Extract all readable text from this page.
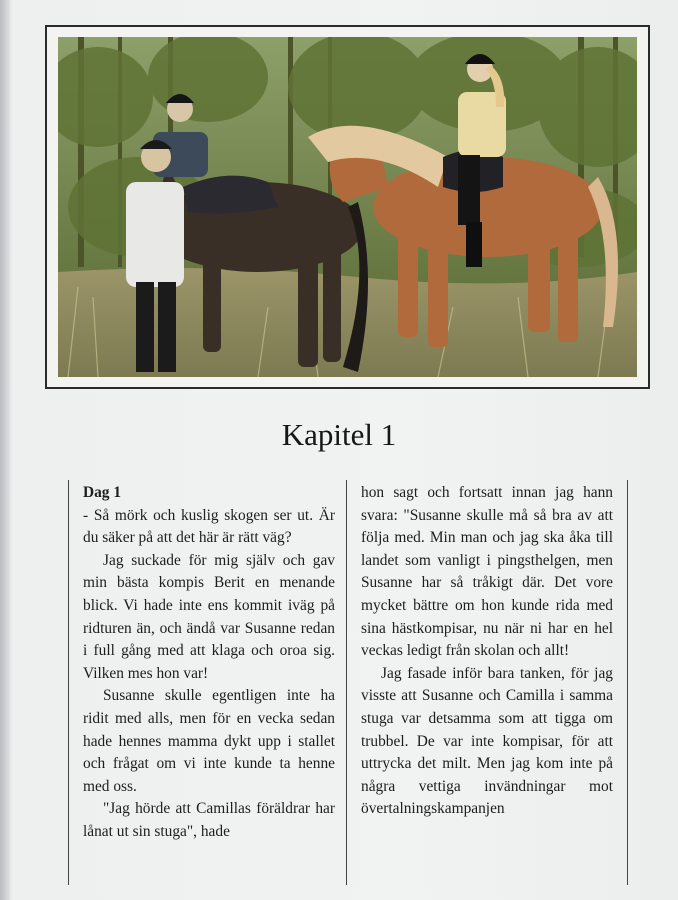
Kapitel 1
Dag 1

- Så mörk och kuslig skogen ser ut. Är du säker på att det här är rätt väg?

Jag suckade för mig själv och gav min bästa kompis Berit en menande blick. Vi hade inte ens kommit iväg på ridturen än, och ändå var Susanne redan i full gång med att klaga och oroa sig. Vilken mes hon var!

Susanne skulle egentligen inte ha ridit med alls, men för en vecka sedan hade hennes mamma dykt upp i stallet och frågat om vi inte kunde ta henne med oss.

"Jag hörde att Camillas föräldrar har lånat ut sin stuga", hade

hon sagt och fortsatt innan jag hann svara: "Susanne skulle må så bra av att följa med. Min man och jag ska åka till landet som vanligt i pingsthelgen, men Susanne har så tråkigt där. Det vore mycket bättre om hon kunde rida med sina hästkompisar, nu när ni har en hel veckas ledigt från skolan och allt!

Jag fasade inför bara tanken, för jag visste att Susanne och Camilla i samma stuga var detsamma som att tigga om trubbel. De var inte kompisar, för att uttrycka det milt. Men jag kom inte på några vettiga invändningar mot övertalningskampanjen
